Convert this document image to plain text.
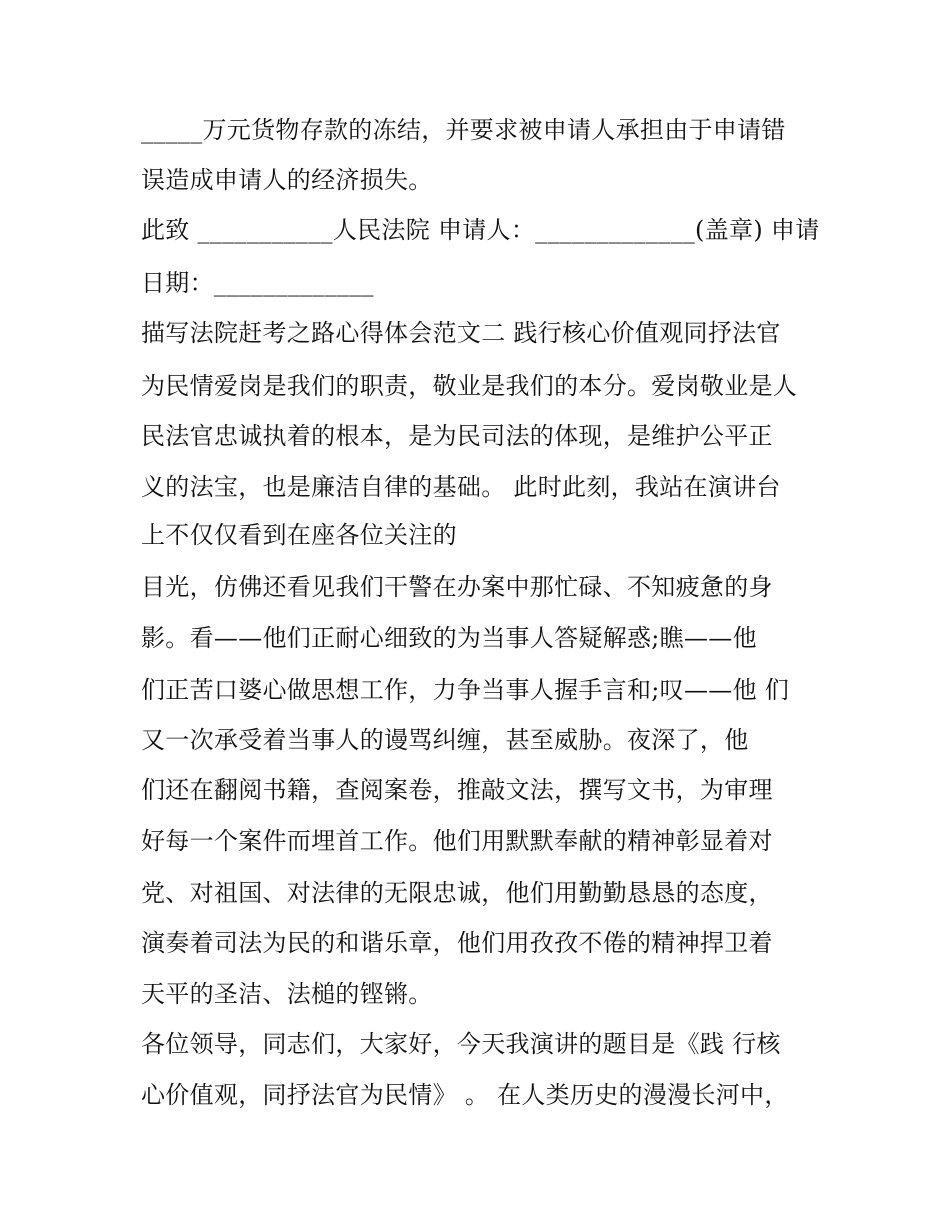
_____万元货物存款的冻结，并要求被申请人承担由于申请错
误造成申请人的经济损失。
此致 ___________人民法院 申请人：_____________(盖章) 申请
日期：_____________
描写法院赶考之路心得体会范文二 践行核心价值观同抒法官
为民情爱岗是我们的职责，敬业是我们的本分。爱岗敬业是人
民法官忠诚执着的根本，是为民司法的体现，是维护公平正
义的法宝，也是廉洁自律的基础。 此时此刻，我站在演讲台
上不仅仅看到在座各位关注的
目光，仿佛还看见我们干警在办案中那忙碌、不知疲惫的身
影。看——他们正耐心细致的为当事人答疑解惑;瞧——他
们正苦口婆心做思想工作，力争当事人握手言和;叹——他 们
又一次承受着当事人的谩骂纠缠，甚至威胁。夜深了，他
们还在翻阅书籍，查阅案卷，推敲文法，撰写文书，为审理
好每一个案件而埋首工作。他们用默默奉献的精神彰显着对
党、对祖国、对法律的无限忠诚，他们用勤勤恳恳的态度，
演奏着司法为民的和谐乐章，他们用孜孜不倦的精神捍卫着
天平的圣洁、法槌的铿锵。
各位领导，同志们，大家好，今天我演讲的题目是《践 行核
心价值观，同抒法官为民情》 。 在人类历史的漫漫长河中，
